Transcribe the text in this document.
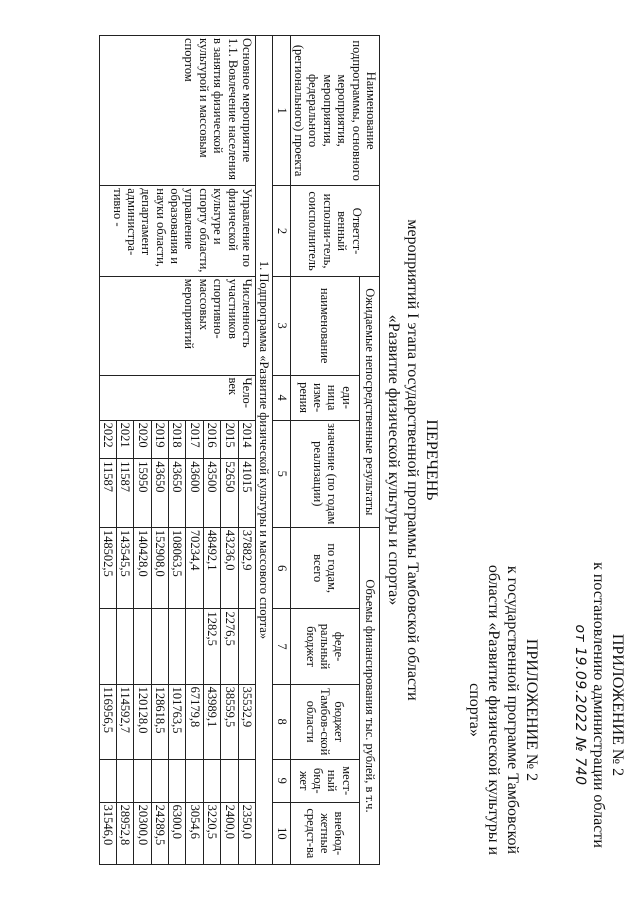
ПРИЛОЖЕНИЕ № 2
к постановлению администрации области
от 19.09.2022 № 740
ПРИЛОЖЕНИЕ № 2
к государственной программе Тамбовской
области «Развитие физической культуры и
спорта»
ПЕРЕЧЕНЬ
мероприятий I этапа государственной программы Тамбовской области
«Развитие физической культуры и спорта»
Наименование подпрограммы, основного мероприятия, мероприятия, федерального (регионального) проекта	Ответст-венный исполни-тель, соисполнитель	Ожидаемые непосредственные результаты				Объемы финансирования тыс. рублей, в т.ч.				
		наименование	еди-ница изме-рения	значение (по годам реализации)		по годам, всего	феде-ральный бюджет	бюджет Тамбов-ской области	мест-ный бюд-жет	внебюд-жетные средст-ва
1	2	3	4	5		6	7	8	9	10
1. Подпрограмма «Развитие физической культуры и массового спорта»										
Основное мероприятие 1.1. Вовлечение населения в занятия физической культурой и массовым спортом	Управление по физической культуре и спорту области, управление образования и науки области, департамент администра-тивно -	Численность участников спортивно-массовых мероприятий	Чело-век	2014	41015	37882,9		35532,9		2350,0
				2015	52650	43236,0	2276,5	38559,5		2400,0
				2016	43500	48492,1	1282,5	43989,1		3220,5
				2017	43600	70234,4		67179,8		3054,6
				2018	43650	108063,5		101763,5		6300,0
				2019	43650	152908,0		128618,5		24289,5
				2020	15950	140428,0		120128,0		20300,0
				2021	11587	143545,5		114592,7		28952,8
				2022	11587	148502,5		116956,5		31546,0
